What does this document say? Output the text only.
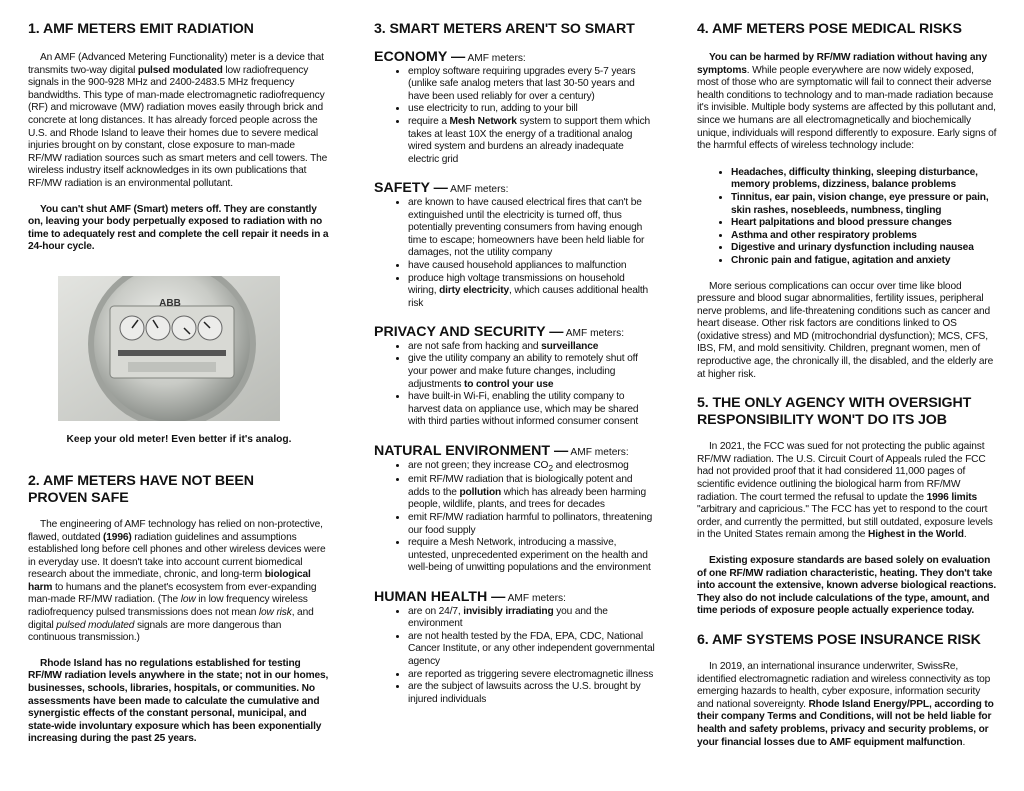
1. AMF METERS EMIT RADIATION

An AMF (Advanced Metering Functionality) meter is a device that transmits two-way digital pulsed modulated low radiofrequency signals in the 900-928 MHz and 2400-2483.5 MHz frequency bandwidths. This type of man-made electromagnetic radiofrequency (RF) and microwave (MW) radiation moves easily through brick and concrete at long distances. It has already forced people across the U.S. and Rhode Island to leave their homes due to severe medical injuries brought on by constant, close exposure to man-made RF/MW radiation sources such as smart meters and cell towers. The wireless industry itself acknowledges in its own publications that RF/MW radiation is an environmental pollutant.

You can't shut AMF (Smart) meters off. They are constantly on, leaving your body perpetually exposed to radiation with no time to adequately rest and complete the cell repair it needs in a 24-hour cycle.

2. AMF METERS HAVE NOT BEEN
PROVEN SAFE

The engineering of AMF technology has relied on non-protective, flawed, outdated (1996) radiation guidelines and assumptions established long before cell phones and other wireless devices were in everyday use. It doesn't take into account current biomedical research about the immediate, chronic, and long-term biological harm to humans and the planet's ecosystem from ever-expanding man-made RF/MW radiation. (The low in low frequency wireless radiofrequency pulsed transmissions does not mean low risk, and digital pulsed modulated signals are more dangerous than continuous transmission.)

Rhode Island has no regulations established for testing RF/MW radiation levels anywhere in the state; not in our homes, businesses, schools, libraries, hospitals, or communities. No assessments have been made to calculate the cumulative and synergistic effects of the constant personal, municipal, and state-wide involuntary exposure which has been exponentially increasing during the past 25 years.

ABB

Keep your old meter! Even better if it's analog.

3. SMART METERS AREN'T SO SMART

ECONOMY — AMF meters:

• employ software requiring upgrades every 5-7 years (unlike safe analog meters that last 30-50 years and have been used reliably for over a century)
• use electricity to run, adding to your bill
• require a Mesh Network system to support them which takes at least 10X the energy of a traditional analog wired system and burdens an already inadequate electric grid

SAFETY — AMF meters:

• are known to have caused electrical fires that can't be extinguished until the electricity is turned off, thus potentially preventing consumers from having enough time to escape; homeowners have been held liable for damages, not the utility company
• have caused household appliances to malfunction
• produce high voltage transmissions on household wiring, dirty electricity, which causes additional health risk

PRIVACY AND SECURITY — AMF meters:

• are not safe from hacking and surveillance
• give the utility company an ability to remotely shut off your power and make future changes, including adjustments to control your use
• have built-in Wi-Fi, enabling the utility company to harvest data on appliance use, which may be shared with third parties without informed consumer consent

NATURAL ENVIRONMENT — AMF meters:

• are not green; they increase $CO_2$ and electrosmog
• emit RF/MW radiation that is biologically potent and adds to the pollution which has already been harming people, wildlife, plants, and trees for decades
• emit RF/MW radiation harmful to pollinators, threatening our food supply
• require a Mesh Network, introducing a massive, untested, unprecedented experiment on the health and well-being of unwitting populations and the environment

HUMAN HEALTH — AMF meters:

• are on 24/7, invisibly irradiating you and the environment
• are not health tested by the FDA, EPA, CDC, National Cancer Institute, or any other independent governmental agency
• are reported as triggering severe electromagnetic illness
• are the subject of lawsuits across the U.S. brought by injured individuals
4. AMF METERS POSE MEDICAL RISKS

You can be harmed by RF/MW radiation without having any symptoms. While people everywhere are now widely exposed, most of those who are symptomatic will fail to connect their adverse health conditions to technology and to man-made radiation because it's invisible. Multiple body systems are affected by this pollutant and, since we humans are all electromagnetically and biochemically unique, individuals will respond differently to exposure. Early signs of the harmful effects of wireless technology include:

• Headaches, difficulty thinking, sleeping disturbance, memory problems, dizziness, balance problems
• Tinnitus, ear pain, vision change, eye pressure or pain, skin rashes, nosebleeds, numbness, tingling
• Heart palpitations and blood pressure changes
• Asthma and other respiratory problems
• Digestive and urinary dysfunction including nausea
• Chronic pain and fatigue, agitation and anxiety

More serious complications can occur over time like blood pressure and blood sugar abnormalities, fertility issues, peripheral nerve problems, and life-threatening conditions such as cancer and heart disease. Other risk factors are conditions linked to OS (oxidative stress) and MD (mitrochondrial dysfunction); MCS, CFS, IBS, FM, and mold sensitivity. Children, pregnant women, men of reproductive age, the chronically ill, the disabled, and the elderly are at higher risk.

5. THE ONLY AGENCY WITH OVERSIGHT
RESPONSIBILITY WON'T DO ITS JOB

In 2021, the FCC was sued for not protecting the public against RF/MW radiation. The U.S. Circuit Court of Appeals ruled the FCC had not provided proof that it had considered 11,000 pages of scientific evidence outlining the biological harm from RF/MW radiation. The court termed the refusal to update the 1996 limits "arbitrary and capricious." The FCC has yet to respond to the court order, and currently the permitted, but still outdated, exposure levels in the United States remain among the Highest in the World.

Existing exposure standards are based solely on evaluation of one RF/MW radiation characteristic, heating. They don't take into account the extensive, known adverse biological reactions. They also do not include calculations of the type, amount, and time periods of exposure people actually experience today.

6. AMF SYSTEMS POSE INSURANCE RISK

In 2019, an international insurance underwriter, SwissRe, identified electromagnetic radiation and wireless connectivity as top emerging hazards to health, cyber exposure, information security and national sovereignty. Rhode Island Energy/PPL, according to their company Terms and Conditions, will not be held liable for health and safety problems, privacy and security problems, or your financial losses due to AMF equipment malfunction.
